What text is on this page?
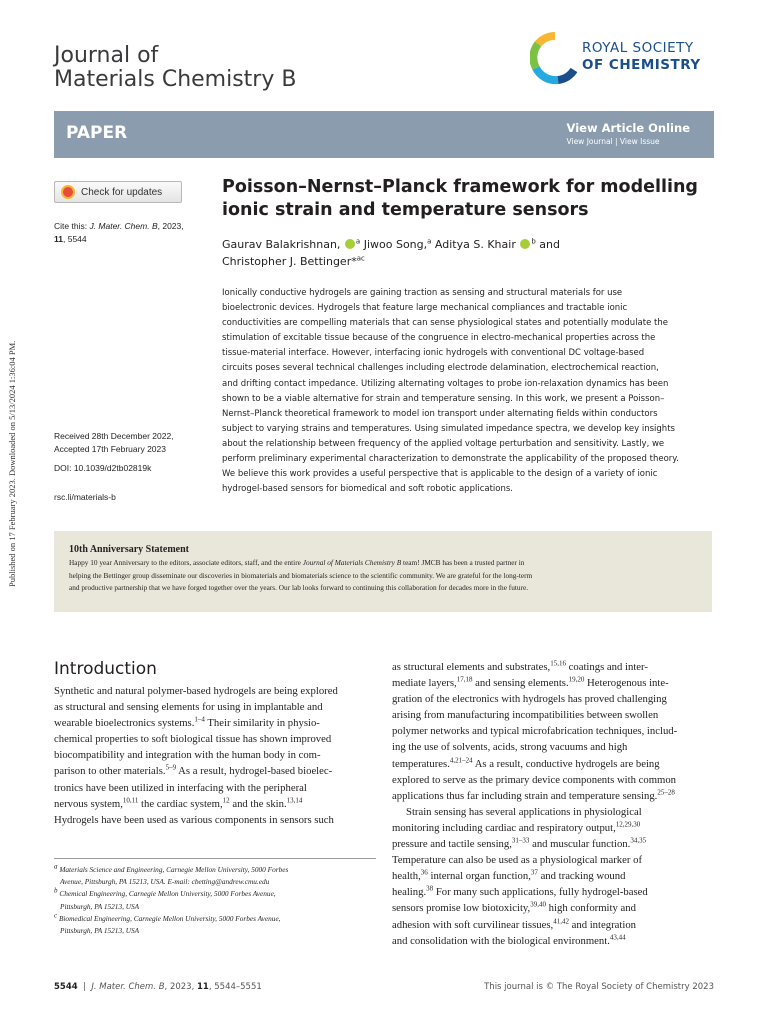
Published on 17 February 2023. Downloaded on 5/13/2024 1:36:04 PM.
Journal of
Materials Chemistry B
ROYAL SOCIETY
OF CHEMISTRY
PAPER	View Article Online
View Journal | View Issue
Check for updates
Cite this: J. Mater. Chem. B, 2023,
11, 5544
Received 28th December 2022,
Accepted 17th February 2023
DOI: 10.1039/d2tb02819k
rsc.li/materials-b
Poisson–Nernst–Planck framework for modelling
ionic strain and temperature sensors
Gaurav Balakrishnan, $^a$ Jiwoo Song,$^a$ Aditya S. Khair $^b$ and
Christopher J. Bettinger*$^{ac}$
Ionically conductive hydrogels are gaining traction as sensing and structural materials for use
bioelectronic devices. Hydrogels that feature large mechanical compliances and tractable ionic
conductivities are compelling materials that can sense physiological states and potentially modulate the
stimulation of excitable tissue because of the congruence in electro-mechanical properties across the
tissue-material interface. However, interfacing ionic hydrogels with conventional DC voltage-based
circuits poses several technical challenges including electrode delamination, electrochemical reaction,
and drifting contact impedance. Utilizing alternating voltages to probe ion-relaxation dynamics has been
shown to be a viable alternative for strain and temperature sensing. In this work, we present a Poisson–
Nernst–Planck theoretical framework to model ion transport under alternating fields within conductors
subject to varying strains and temperatures. Using simulated impedance spectra, we develop key insights
about the relationship between frequency of the applied voltage perturbation and sensitivity. Lastly, we
perform preliminary experimental characterization to demonstrate the applicability of the proposed theory.
We believe this work provides a useful perspective that is applicable to the design of a variety of ionic
hydrogel-based sensors for biomedical and soft robotic applications.
10th Anniversary Statement
Happy 10 year Anniversary to the editors, associate editors, staff, and the entire Journal of Materials Chemistry B team! JMCB has been a trusted partner in
helping the Bettinger group disseminate our discoveries in biomaterials and biomaterials science to the scientific community. We are grateful for the long-term
and productive partnership that we have forged together over the years. Our lab looks forward to continuing this collaboration for decades more in the future.
Introduction
Synthetic and natural polymer-based hydrogels are being explored
as structural and sensing elements for using in implantable and
wearable bioelectronics systems.$^{1-4}$ Their similarity in physio-
chemical properties to soft biological tissue has shown improved
biocompatibility and integration with the human body in com-
parison to other materials.$^{5-9}$ As a result, hydrogel-based bioelec-
tronics have been utilized in interfacing with the peripheral
nervous system,$^{10,11}$ the cardiac system,$^{12}$ and the skin.$^{13,14}$
Hydrogels have been used as various components in sensors such
as structural elements and substrates,$^{15,16}$ coatings and inter-
mediate layers,$^{17,18}$ and sensing elements.$^{19,20}$ Heterogenous inte-
gration of the electronics with hydrogels has proved challenging
arising from manufacturing incompatibilities between swollen
polymer networks and typical microfabrication techniques, includ-
ing the use of solvents, acids, strong vacuums and high
temperatures.$^{4,21-24}$ As a result, conductive hydrogels are being
explored to serve as the primary device components with common
applications thus far including strain and temperature sensing.$^{25-28}$
Strain sensing has several applications in physiological
monitoring including cardiac and respiratory output,$^{12,29,30}$
pressure and tactile sensing,$^{31-33}$ and muscular function.$^{34,35}$
Temperature can also be used as a physiological marker of
health,$^{36}$ internal organ function,$^{37}$ and tracking wound
healing.$^{38}$ For many such applications, fully hydrogel-based
sensors promise low biotoxicity,$^{39,40}$ high conformity and
adhesion with soft curvilinear tissues,$^{41,42}$ and integration
and consolidation with the biological environment.$^{43,44}$
$^a$ Materials Science and Engineering, Carnegie Mellon University, 5000 Forbes
Avenue, Pittsburgh, PA 15213, USA. E-mail: cbetting@andrew.cmu.edu
$^b$ Chemical Engineering, Carnegie Mellon University, 5000 Forbes Avenue,
Pittsburgh, PA 15213, USA
$^c$ Biomedical Engineering, Carnegie Mellon University, 5000 Forbes Avenue,
Pittsburgh, PA 15213, USA
5544  |  J. Mater. Chem. B, 2023, 11, 5544–5551	This journal is © The Royal Society of Chemistry 2023
